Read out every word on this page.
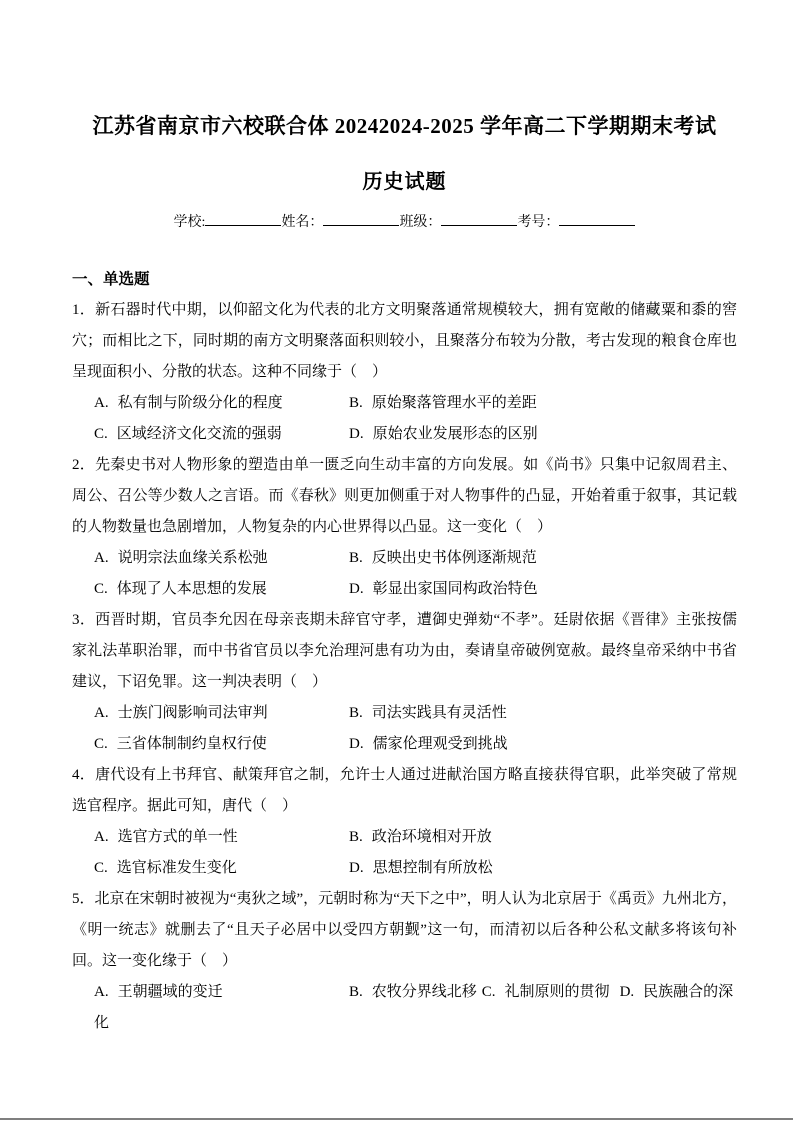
江苏省南京市六校联合体 20242024-2025 学年高二下学期期末考试
历史试题
学校:	姓名：	班级：	考号：
一、单选题

1．新石器时代中期，以仰韶文化为代表的北方文明聚落通常规模较大，拥有宽敞的储藏粟和黍的窖穴；而相比之下，同时期的南方文明聚落面积则较小，且聚落分布较为分散，考古发现的粮食仓库也呈现面积小、分散的状态。这种不同缘于（　）

A. 私有制与阶级分化的程度	B. 原始聚落管理水平的差距
C. 区域经济文化交流的强弱	D. 原始农业发展形态的区别

2．先秦史书对人物形象的塑造由单一匮乏向生动丰富的方向发展。如《尚书》只集中记叙周君主、周公、召公等少数人之言语。而《春秋》则更加侧重于对人物事件的凸显，开始着重于叙事，其记载的人物数量也急剧增加，人物复杂的内心世界得以凸显。这一变化（　）

A. 说明宗法血缘关系松弛	B. 反映出史书体例逐渐规范
C. 体现了人本思想的发展	D. 彰显出家国同构政治特色

3．西晋时期，官员李允因在母亲丧期未辞官守孝，遭御史弹劾“不孝”。廷尉依据《晋律》主张按儒家礼法革职治罪，而中书省官员以李允治理河患有功为由，奏请皇帝破例宽赦。最终皇帝采纳中书省建议，下诏免罪。这一判决表明（　）

A. 士族门阀影响司法审判	B. 司法实践具有灵活性
C. 三省体制制约皇权行使	D. 儒家伦理观受到挑战

4．唐代设有上书拜官、献策拜官之制，允许士人通过进献治国方略直接获得官职，此举突破了常规选官程序。据此可知，唐代（　）

A. 选官方式的单一性	B. 政治环境相对开放
C. 选官标准发生变化	D. 思想控制有所放松

5．北京在宋朝时被视为“夷狄之域”，元朝时称为“天下之中”，明人认为北京居于《禹贡》九州北方，《明一统志》就删去了“且天子必居中以受四方朝觐”这一句，而清初以后各种公私文献多将该句补回。这一变化缘于（　）

A. 王朝疆域的变迁	B. 农牧分界线北移 C. 礼制原则的贯彻 D. 民族融合的深化
